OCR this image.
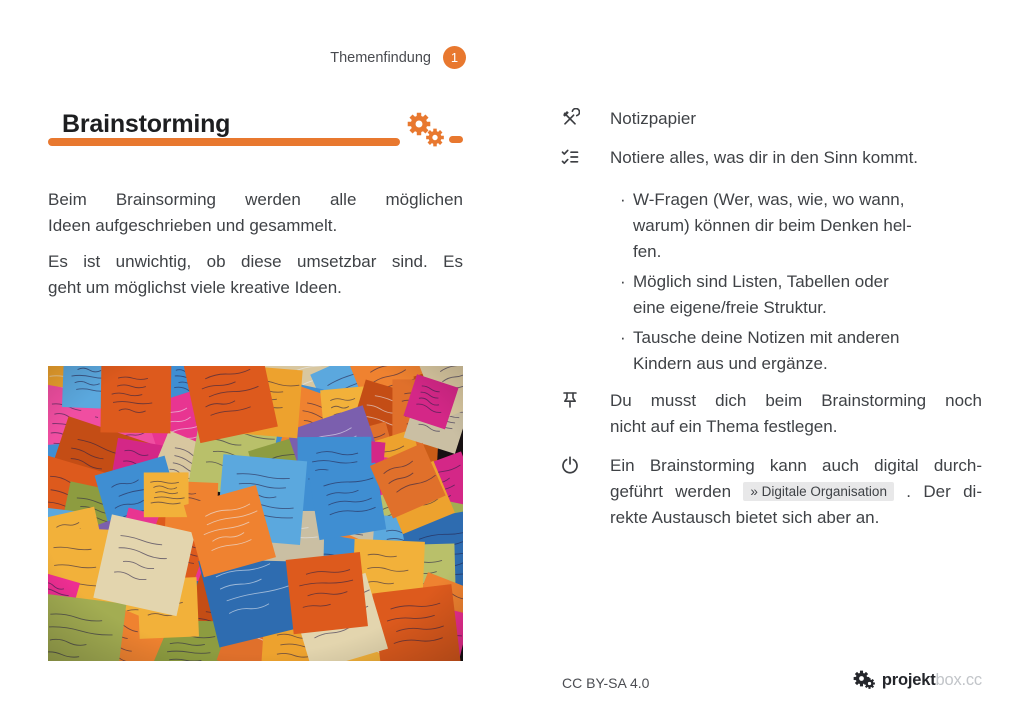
Themenfindung	1
Brainstorming
Beim Brainsorming werden alle möglichen
Ideen aufgeschrieben und gesammelt.
Es ist unwichtig, ob diese umsetzbar sind. Es
geht um möglichst viele kreative Ideen.
Notizpapier
Notiere alles, was dir in den Sinn kommt.
· W-Fragen (Wer, was, wie, wo wann,
warum) können dir beim Denken hel-
fen.
· Möglich sind Listen, Tabellen oder
eine eigene/freie Struktur.
· Tausche deine Notizen mit anderen
Kindern aus und ergänze.
Du musst dich beim Brainstorming noch
nicht auf ein Thema festlegen.
Ein Brainstorming kann auch digital durch-
geführt werden » Digitale Organisation . Der di-
rekte Austausch bietet sich aber an.
CC BY-SA 4.0	projektbox.cc
